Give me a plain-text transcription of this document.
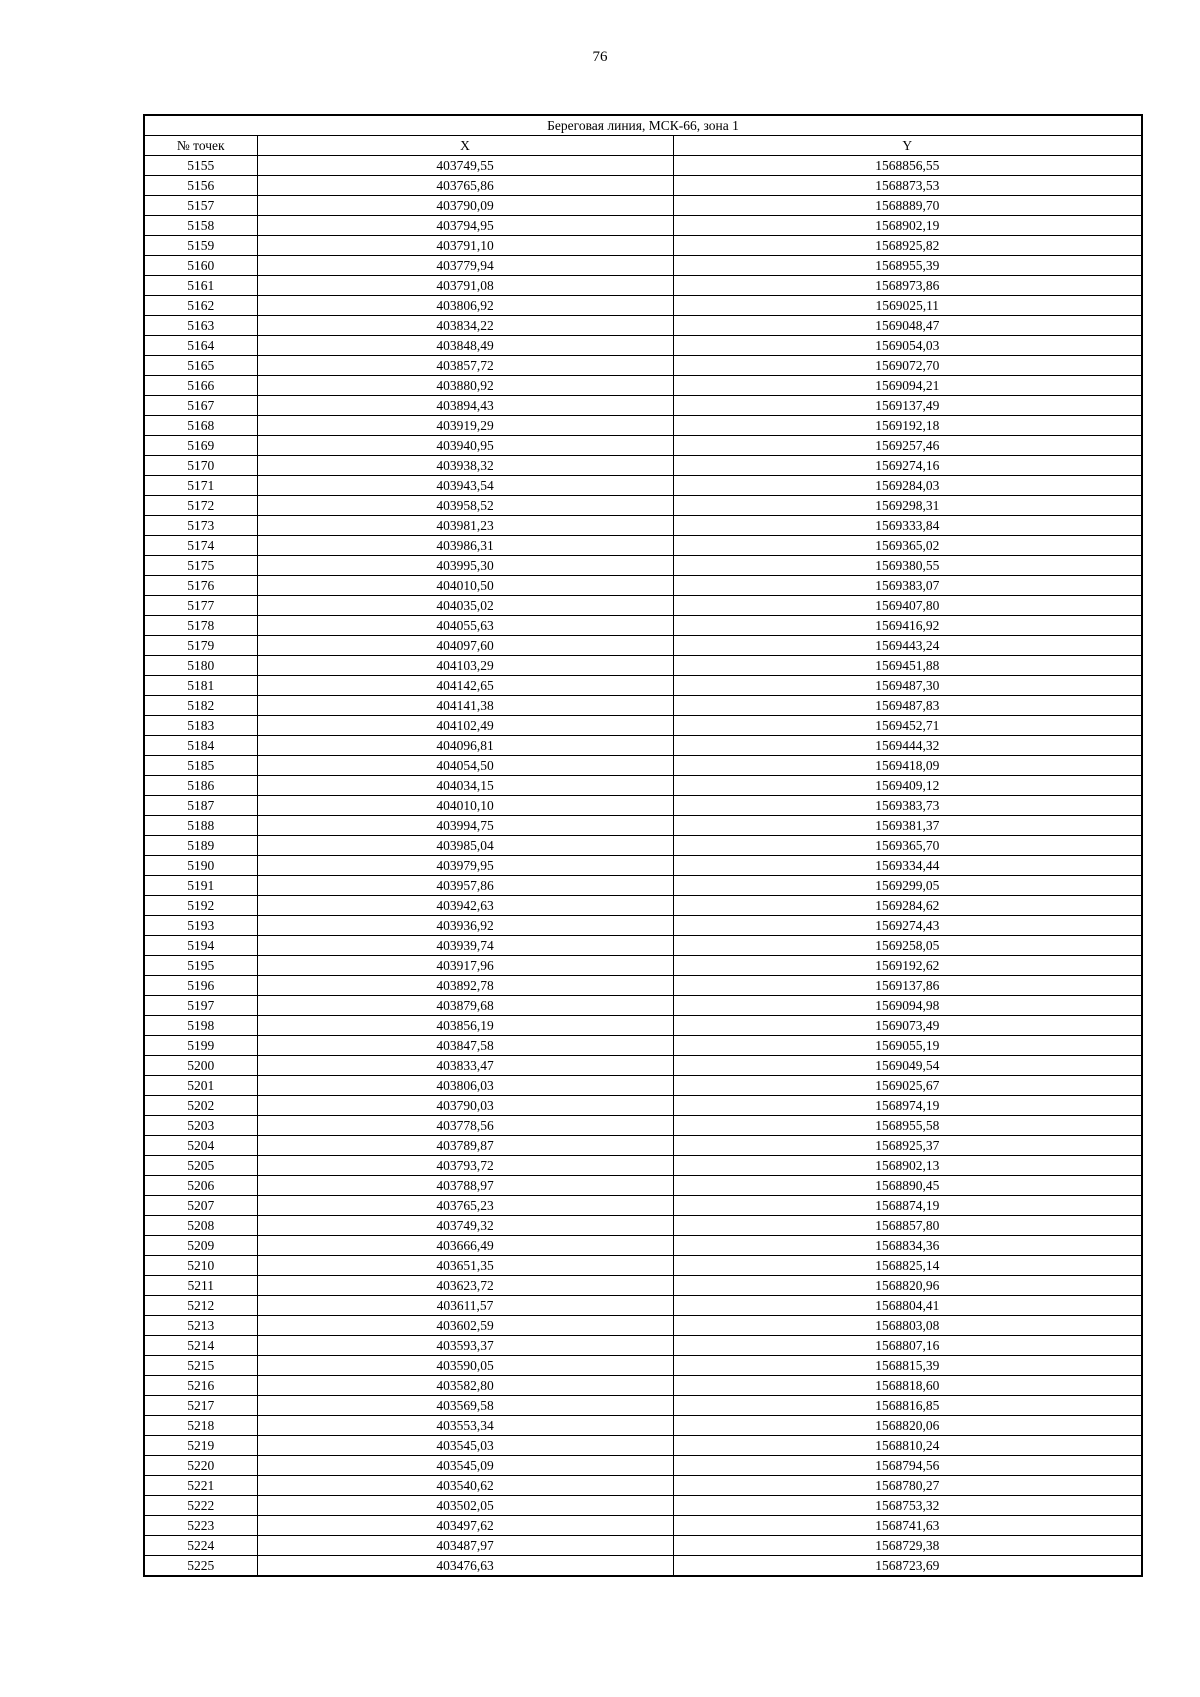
76
Береговая линия, МСК-66, зона 1		
№ точек	X	Y
5155	403749,55	1568856,55
5156	403765,86	1568873,53
5157	403790,09	1568889,70
5158	403794,95	1568902,19
5159	403791,10	1568925,82
5160	403779,94	1568955,39
5161	403791,08	1568973,86
5162	403806,92	1569025,11
5163	403834,22	1569048,47
5164	403848,49	1569054,03
5165	403857,72	1569072,70
5166	403880,92	1569094,21
5167	403894,43	1569137,49
5168	403919,29	1569192,18
5169	403940,95	1569257,46
5170	403938,32	1569274,16
5171	403943,54	1569284,03
5172	403958,52	1569298,31
5173	403981,23	1569333,84
5174	403986,31	1569365,02
5175	403995,30	1569380,55
5176	404010,50	1569383,07
5177	404035,02	1569407,80
5178	404055,63	1569416,92
5179	404097,60	1569443,24
5180	404103,29	1569451,88
5181	404142,65	1569487,30
5182	404141,38	1569487,83
5183	404102,49	1569452,71
5184	404096,81	1569444,32
5185	404054,50	1569418,09
5186	404034,15	1569409,12
5187	404010,10	1569383,73
5188	403994,75	1569381,37
5189	403985,04	1569365,70
5190	403979,95	1569334,44
5191	403957,86	1569299,05
5192	403942,63	1569284,62
5193	403936,92	1569274,43
5194	403939,74	1569258,05
5195	403917,96	1569192,62
5196	403892,78	1569137,86
5197	403879,68	1569094,98
5198	403856,19	1569073,49
5199	403847,58	1569055,19
5200	403833,47	1569049,54
5201	403806,03	1569025,67
5202	403790,03	1568974,19
5203	403778,56	1568955,58
5204	403789,87	1568925,37
5205	403793,72	1568902,13
5206	403788,97	1568890,45
5207	403765,23	1568874,19
5208	403749,32	1568857,80
5209	403666,49	1568834,36
5210	403651,35	1568825,14
5211	403623,72	1568820,96
5212	403611,57	1568804,41
5213	403602,59	1568803,08
5214	403593,37	1568807,16
5215	403590,05	1568815,39
5216	403582,80	1568818,60
5217	403569,58	1568816,85
5218	403553,34	1568820,06
5219	403545,03	1568810,24
5220	403545,09	1568794,56
5221	403540,62	1568780,27
5222	403502,05	1568753,32
5223	403497,62	1568741,63
5224	403487,97	1568729,38
5225	403476,63	1568723,69
